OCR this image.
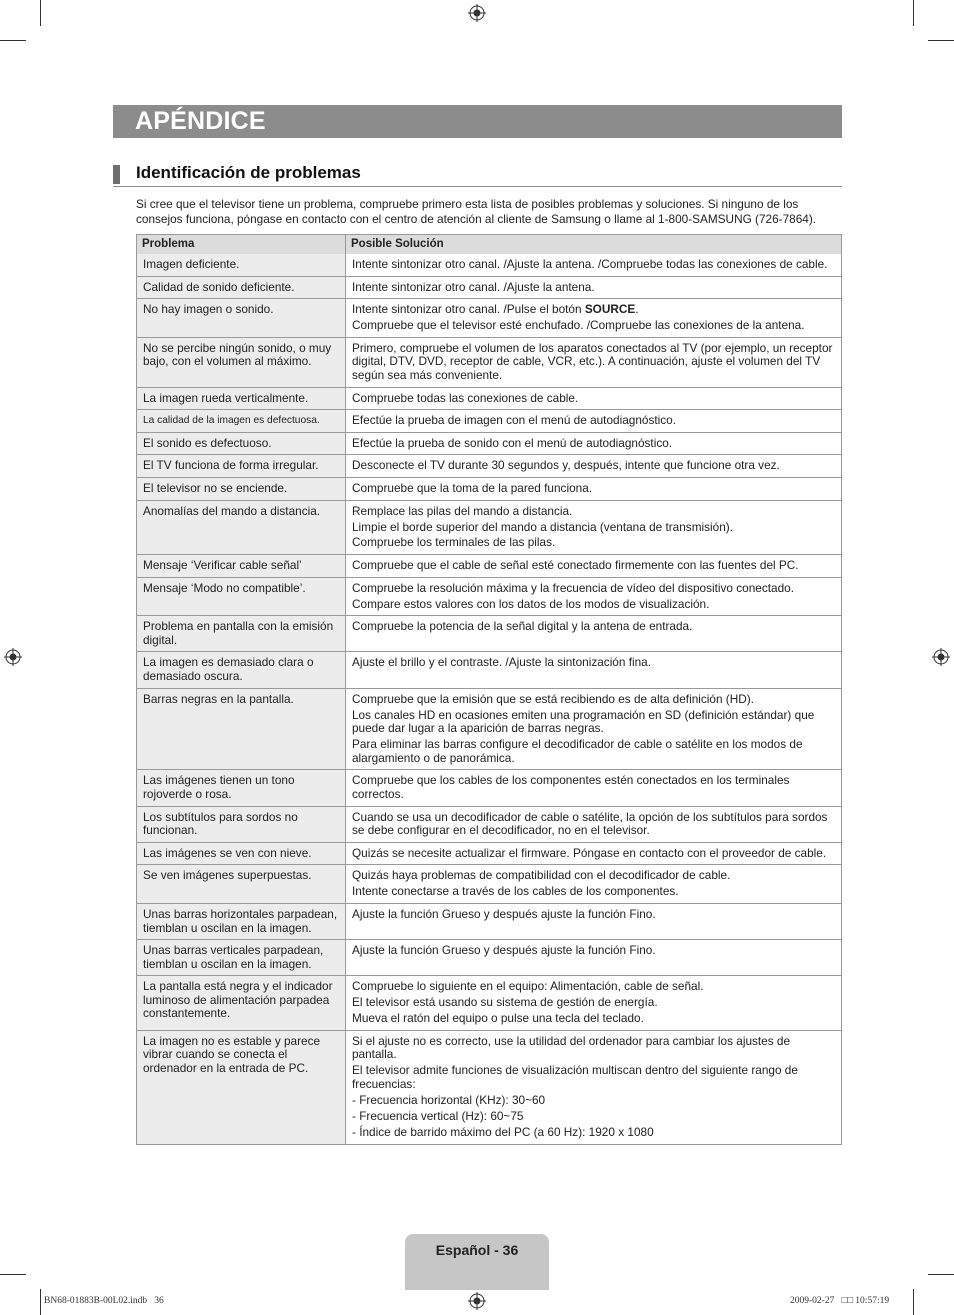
APÉNDICE
Identificación de problemas
Si cree que el televisor tiene un problema, compruebe primero esta lista de posibles problemas y soluciones. Si ninguno de los consejos funciona, póngase en contacto con el centro de atención al cliente de Samsung o llame al 1-800-SAMSUNG (726-7864).
Problema	Posible Solución
Imagen deficiente.	Intente sintonizar otro canal. /Ajuste la antena. /Compruebe todas las conexiones de cable.

Calidad de sonido deficiente.	Intente sintonizar otro canal. /Ajuste la antena.

No hay imagen o sonido.	Intente sintonizar otro canal. /Pulse el botón SOURCE.
Compruebe que el televisor esté enchufado. /Compruebe las conexiones de la antena.

No se percibe ningún sonido, o muy bajo, con el volumen al máximo.	Primero, compruebe el volumen de los aparatos conectados al TV (por ejemplo, un receptor digital, DTV, DVD, receptor de cable, VCR, etc.). A continuación, ajuste el volumen del TV según sea más conveniente.

La imagen rueda verticalmente.	Compruebe todas las conexiones de cable.

La calidad de la imagen es defectuosa.	Efectúe la prueba de imagen con el menú de autodiagnóstico.

El sonido es defectuoso.	Efectúe la prueba de sonido con el menú de autodiagnóstico.

El TV funciona de forma irregular.	Desconecte el TV durante 30 segundos y, después, intente que funcione otra vez.

El televisor no se enciende.	Compruebe que la toma de la pared funciona.

Anomalías del mando a distancia.	Remplace las pilas del mando a distancia.
Limpie el borde superior del mando a distancia (ventana de transmisión).
Compruebe los terminales de las pilas.

Mensaje ‘Verificar cable señal’	Compruebe que el cable de señal esté conectado firmemente con las fuentes del PC.

Mensaje ‘Modo no compatible’.	Compruebe la resolución máxima y la frecuencia de vídeo del dispositivo conectado.
Compare estos valores con los datos de los modos de visualización.

Problema en pantalla con la emisión digital.	Compruebe la potencia de la señal digital y la antena de entrada.

La imagen es demasiado clara o demasiado oscura.	Ajuste el brillo y el contraste. /Ajuste la sintonización fina.

Barras negras en la pantalla.	Compruebe que la emisión que se está recibiendo es de alta definición (HD).
Los canales HD en ocasiones emiten una programación en SD (definición estándar) que puede dar lugar a la aparición de barras negras.
Para eliminar las barras configure el decodificador de cable o satélite en los modos de alargamiento o de panorámica.

Las imágenes tienen un tono rojoverde o rosa.	Compruebe que los cables de los componentes estén conectados en los terminales correctos.

Los subtítulos para sordos no funcionan.	Cuando se usa un decodificador de cable o satélite, la opción de los subtítulos para sordos se debe configurar en el decodificador, no en el televisor.

Las imágenes se ven con nieve.	Quizás se necesite actualizar el firmware. Póngase en contacto con el proveedor de cable.

Se ven imágenes superpuestas.	Quizás haya problemas de compatibilidad con el decodificador de cable.
Intente conectarse a través de los cables de los componentes.

Unas barras horizontales parpadean, tiemblan u oscilan en la imagen.	Ajuste la función Grueso y después ajuste la función Fino.

Unas barras verticales parpadean, tiemblan u oscilan en la imagen.	Ajuste la función Grueso y después ajuste la función Fino.

La pantalla está negra y el indicador luminoso de alimentación parpadea constantemente.	Compruebe lo siguiente en el equipo: Alimentación, cable de señal.
El televisor está usando su sistema de gestión de energía.
Mueva el ratón del equipo o pulse una tecla del teclado.

La imagen no es estable y parece vibrar cuando se conecta el ordenador en la entrada de PC.	Si el ajuste no es correcto, use la utilidad del ordenador para cambiar los ajustes de pantalla.
El televisor admite funciones de visualización multiscan dentro del siguiente rango de frecuencias:
- Frecuencia horizontal (KHz): 30~60
- Frecuencia vertical (Hz): 60~75
- Índice de barrido máximo del PC (a 60 Hz): 1920 x 1080
Español - 36
BN68-01883B-00L02.indb   36	2009-02-27   □□ 10:57:19
